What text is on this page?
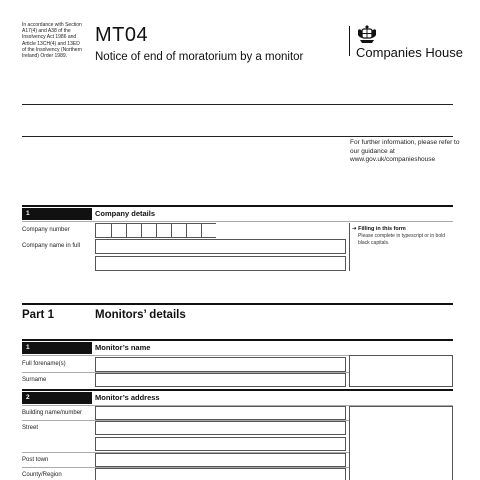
In accordance with Section A17(4) and A38 of the Insolvency Act 1986 and Article 13CH(4) and 13ED of the Insolvency (Northern Ireland) Order 1989.
MT04
Notice of end of moratorium by a monitor	Companies House
For further information, please refer to our guidance at www.gov.uk/companieshouse
1	Company details
Company number
Company name in full
➔ Filling in this form
Please complete in typescript or in bold black capitals.
Part 1	Monitors’ details
1	Monitor’s name
Full forename(s)
Surname
2	Monitor’s address
Building name/number
Street
Post town
County/Region
